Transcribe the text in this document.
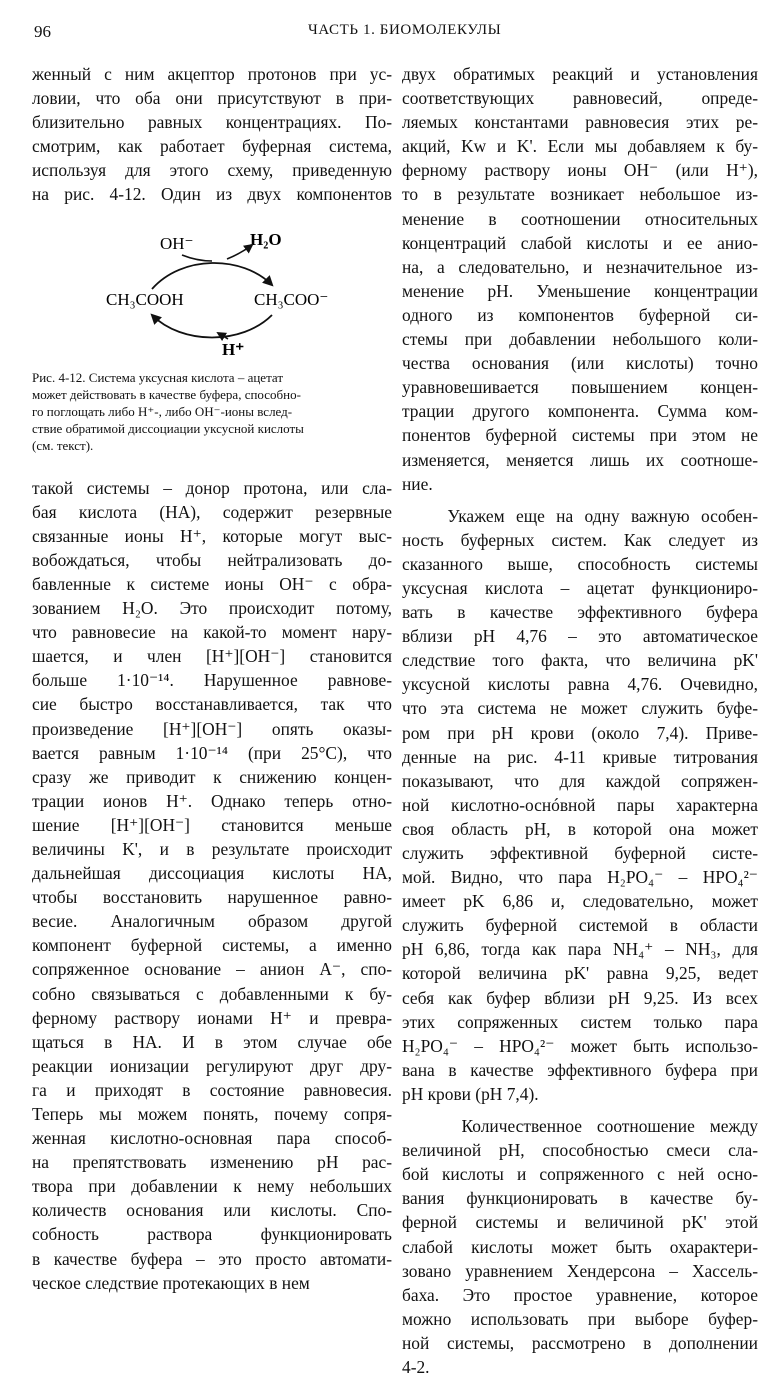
96	ЧАСТЬ 1. БИОМОЛЕКУЛЫ

женный с ним акцептор протонов при ус-
ловии, что оба они присутствуют в при-
близительно равных концентрациях. По-
смотрим, как работает буферная система,
используя для этого схему, приведенную
на рис. 4-12. Один из двух компонентов

OH⁻	H₂O
CH₃COOH	CH₃COO⁻
H⁺
Рис. 4-12. Система уксусная кислота – ацетат
может действовать в качестве буфера, способно-
го поглощать либо H⁺-, либо OH⁻-ионы вслед-
ствие обратимой диссоциации уксусной кислоты
(см. текст).

такой системы – донор протона, или сла-
бая кислота (HA), содержит резервные
связанные ионы H⁺, которые могут выс-
вобождаться, чтобы нейтрализовать до-
бавленные к системе ионы OH⁻ с обра-
зованием H₂O. Это происходит потому,
что равновесие на какой-то момент нару-
шается, и член [H⁺][OH⁻] становится
больше 1·10⁻¹⁴. Нарушенное равнове-
сие быстро восстанавливается, так что
произведение [H⁺][OH⁻] опять оказы-
вается равным 1·10⁻¹⁴ (при 25°С), что
сразу же приводит к снижению концен-
трации ионов H⁺. Однако теперь отно-
шение [H⁺][OH⁻] становится меньше
величины K', и в результате происходит
дальнейшая диссоциация кислоты HA,
чтобы восстановить нарушенное равно-
весие. Аналогичным образом другой
компонент буферной системы, а именно
сопряженное основание – анион A⁻, спо-
собно связываться с добавленными к бу-
ферному раствору ионами H⁺ и превра-
щаться в HA. И в этом случае обе
реакции ионизации регулируют друг дру-
га и приходят в состояние равновесия.
Теперь мы можем понять, почему сопря-
женная кислотно-основная пара способ-
на препятствовать изменению pH рас-
твора при добавлении к нему небольших
количеств основания или кислоты. Спо-
собность раствора функционировать
в качестве буфера – это просто автомати-
ческое следствие протекающих в нем

двух обратимых реакций и установления
соответствующих равновесий, опреде-
ляемых константами равновесия этих ре-
акций, Kw и K'. Если мы добавляем к бу-
ферному раствору ионы OH⁻ (или H⁺),
то в результате возникает небольшое из-
менение в соотношении относительных
концентраций слабой кислоты и ее анио-
на, а следовательно, и незначительное из-
менение pH. Уменьшение концентрации
одного из компонентов буферной си-
стемы при добавлении небольшого коли-
чества основания (или кислоты) точно
уравновешивается повышением концен-
трации другого компонента. Сумма ком-
понентов буферной системы при этом не
изменяется, меняется лишь их соотноше-
ние.

Укажем еще на одну важную особен-
ность буферных систем. Как следует из
сказанного выше, способность системы
уксусная кислота – ацетат функциониро-
вать в качестве эффективного буфера
вблизи pH 4,76 – это автоматическое
следствие того факта, что величина pK'
уксусной кислоты равна 4,76. Очевидно,
что эта система не может служить буфе-
ром при pH крови (около 7,4). Приве-
денные на рис. 4-11 кривые титрования
показывают, что для каждой сопряжен-
ной кислотно-оснóвной пары характерна
своя область pH, в которой она может
служить эффективной буферной систе-
мой. Видно, что пара H₂PO₄⁻ – HPO₄²⁻
имеет pK 6,86 и, следовательно, может
служить буферной системой в области
pH 6,86, тогда как пара NH₄⁺ – NH₃, для
которой величина pK' равна 9,25, ведет
себя как буфер вблизи pH 9,25. Из всех
этих сопряженных систем только пара
H₂PO₄⁻ – HPO₄²⁻ может быть использо-
вана в качестве эффективного буфера при
pH крови (pH 7,4).

Количественное соотношение между
величиной pH, способностью смеси сла-
бой кислоты и сопряженного с ней осно-
вания функционировать в качестве бу-
ферной системы и величиной pK' этой
слабой кислоты может быть охарактери-
зовано уравнением Хендерсона – Хассель-
баха. Это простое уравнение, которое
можно использовать при выборе буфер-
ной системы, рассмотрено в дополнении
4-2.
